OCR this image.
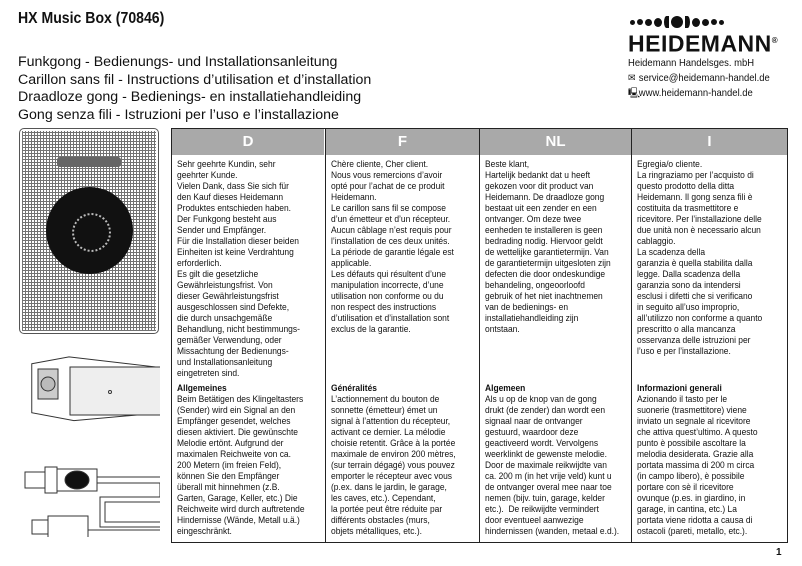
HX Music Box (70846)
Funkgong - Bedienungs- und Installationsanleitung
Carillon sans fil - Instructions d’utilisation et d’installation
Draadloze gong - Bedienings- en installatiehandleiding
Gong senza fili - Istruzioni per l’uso e l’installazione
HEIDEMANN®
Heidemann Handelsges. mbH
✉ service@heidemann-handel.de
🖳www.heidemann-handel.de
D
Sehr geehrte Kundin, sehr
geehrter Kunde.
Vielen Dank, dass Sie sich für
den Kauf dieses Heidemann
Produktes entschieden haben.
Der Funkgong besteht aus
Sender und Empfänger.
Für die Installation dieser beiden
Einheiten ist keine Verdrahtung
erforderlich.
Es gilt die gesetzliche
Gewährleistungsfrist. Von
dieser Gewährleistungsfrist
ausgeschlossen sind Defekte,
die durch unsachgemäße
Behandlung, nicht bestimmungs-
gemäßer Verwendung, oder
Missachtung der Bedienungs-
und Installationsanleitung
eingetreten sind.
Allgemeines
Beim Betätigen des Klingeltasters
(Sender) wird ein Signal an den
Empfänger gesendet, welches
diesen aktiviert. Die gewünschte
Melodie ertönt. Aufgrund der
maximalen Reichweite von ca.
200 Metern (im freien Feld),
können Sie den Empfänger
überall mit hinnehmen (z.B.
Garten, Garage, Keller, etc.) Die
Reichweite wird durch auftretende
Hindernisse (Wände, Metall u.ä.)
eingeschränkt.
F
Chère cliente, Cher client.
Nous vous remercions d’avoir
opté pour l’achat de ce produit
Heidemann.
Le carillon sans fil se compose
d’un émetteur et d’un récepteur.
Aucun câblage n’est requis pour
l’installation de ces deux unités.
La période de garantie légale est
applicable.
Les défauts qui résultent d’une
manipulation incorrecte, d’une
utilisation non conforme ou du
non respect des instructions
d’utilisation et d’installation sont
exclus de la garantie.
Généralités
L’actionnement du bouton de
sonnette (émetteur) émet un
signal à l’attention du récepteur,
activant ce dernier. La mélodie
choisie retentit. Grâce à la portée
maximale de environ 200 mètres,
(sur terrain dégagé) vous pouvez
emporter le récepteur avec vous
(p.ex. dans le jardin, le garage,
les caves, etc.). Cependant,
la portée peut être réduite par
différents obstacles (murs,
objets métalliques, etc.).
NL
Beste klant,
Hartelijk bedankt dat u heeft
gekozen voor dit product van
Heidemann. De draadloze gong
bestaat uit een zender en een
ontvanger. Om deze twee
eenheden te installeren is geen
bedrading nodig. Hiervoor geldt
de wettelijke garantietermijn. Van
de garantietermijn uitgesloten zijn
defecten die door ondeskundige
behandeling, ongeoorloofd
gebruik of het niet inachtnemen
van de bedienings- en
installatiehandleiding zijn
ontstaan.
Algemeen
Als u op de knop van de gong
drukt (de zender) dan wordt een
signaal naar de ontvanger
gestuurd, waardoor deze
geactiveerd wordt. Vervolgens
weerklinkt de gewenste melodie.
Door de maximale reikwijdte van
ca. 200 m (in het vrije veld) kunt u
de ontvanger overal mee naar toe
nemen (bijv. tuin, garage, kelder
etc.).  De reikwijdte vermindert
door eventueel aanwezige
hindernissen (wanden, metaal e.d.).
I
Egregia/o cliente.
La ringraziamo per l’acquisto di
questo prodotto della ditta
Heidemann. Il gong senza fili è
costituita da trasmettitore e
ricevitore. Per l’installazione delle
due unità non è necessario alcun
cablaggio.
La scadenza della
garanzia è quella stabilita dalla
legge. Dalla scadenza della
garanzia sono da intendersi
esclusi i difetti che si verificano
in seguito all’uso improprio,
all’utilizzo non conforme a quanto
prescritto o alla mancanza
osservanza delle istruzioni per
l’uso e per l’installazione.
Informazioni generali
Azionando il tasto per le
suonerie (trasmettitore) viene
inviato un segnale al ricevitore
che attiva quest’ultimo. A questo
punto è possibile ascoltare la
melodia desiderata. Grazie alla
portata massima di 200 m circa
(in campo libero), è possibile
portare con sè il ricevitore
ovunque (p.es. in giardino, in
garage, in cantina, etc.) La
portata viene ridotta a causa di
ostacoli (pareti, metallo, etc.).
1
